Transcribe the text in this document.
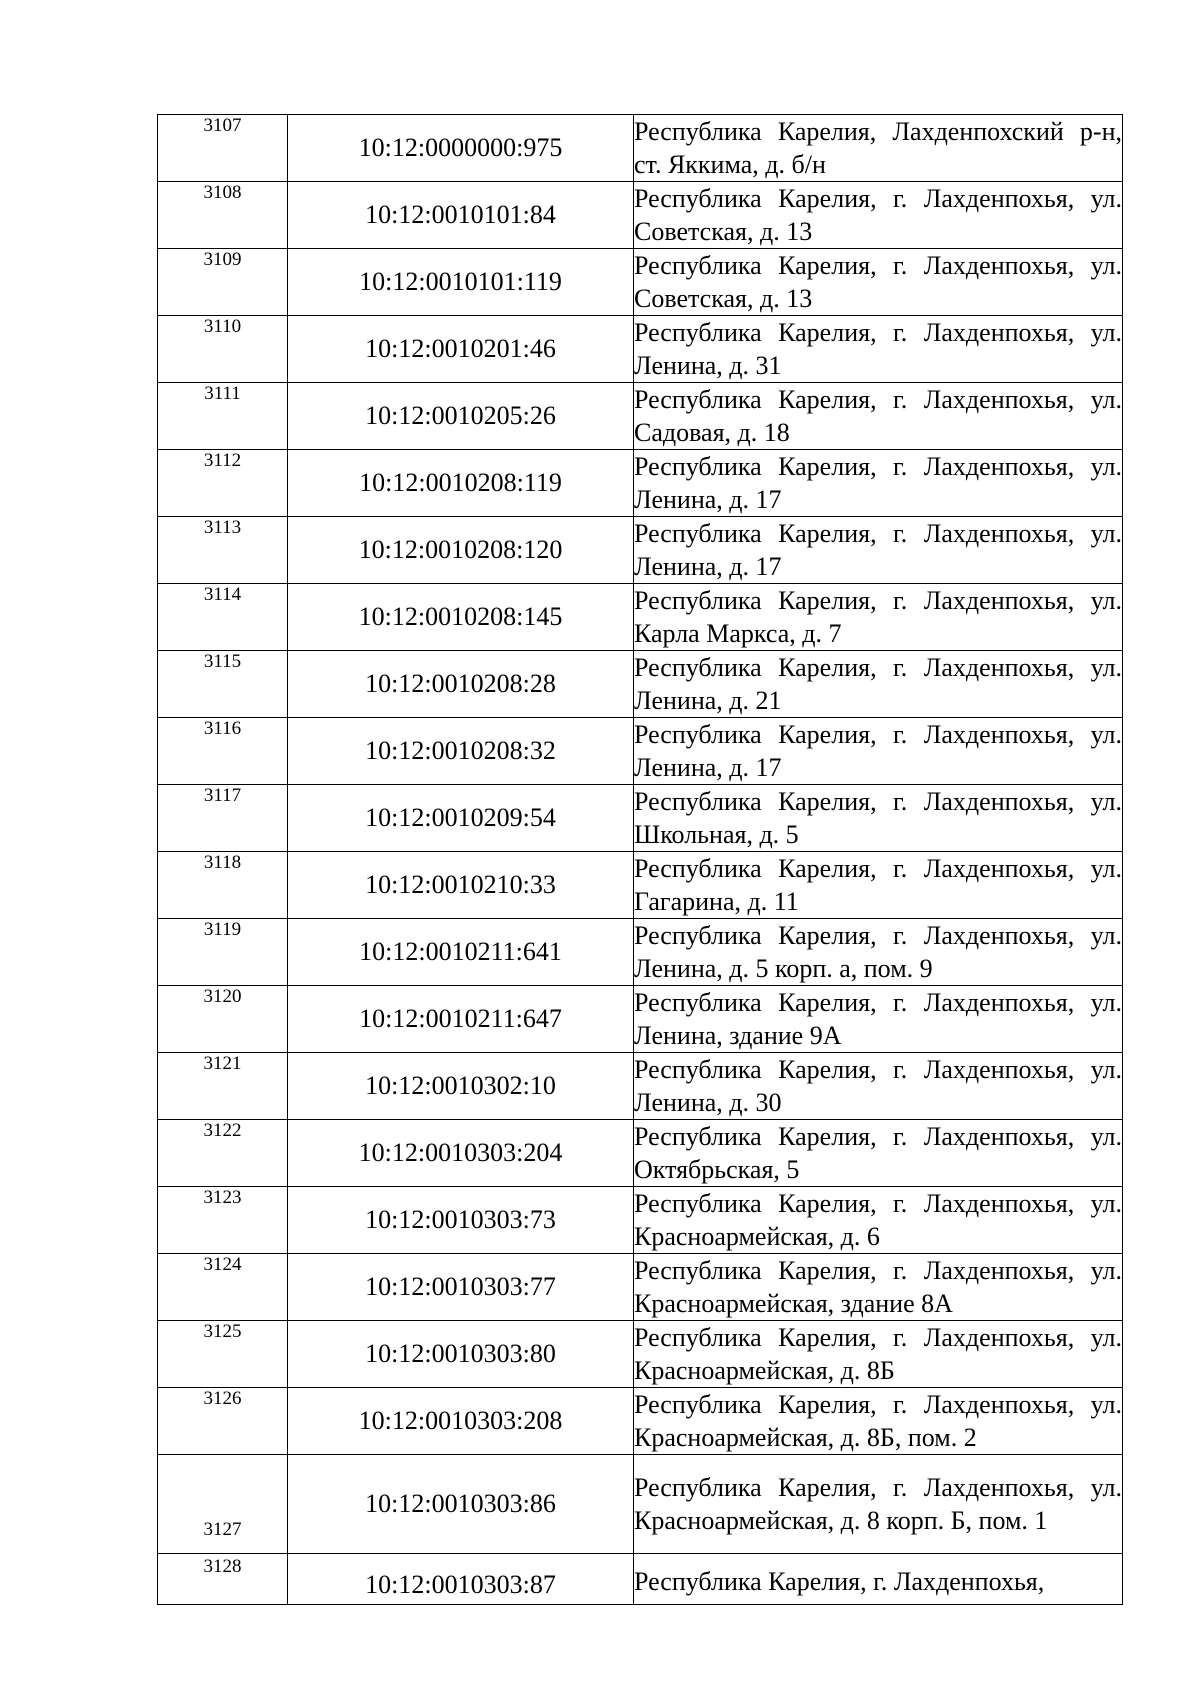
3107	10:12:0000000:975	Республика Карелия, Лахденпохский р-н, ст. Яккима, д. б/н
3108	10:12:0010101:84	Республика Карелия, г. Лахденпохья, ул. Советская, д. 13
3109	10:12:0010101:119	Республика Карелия, г. Лахденпохья, ул. Советская, д. 13
3110	10:12:0010201:46	Республика Карелия, г. Лахденпохья, ул. Ленина, д. 31
3111	10:12:0010205:26	Республика Карелия, г. Лахденпохья, ул. Садовая, д. 18
3112	10:12:0010208:119	Республика Карелия, г. Лахденпохья, ул. Ленина, д. 17
3113	10:12:0010208:120	Республика Карелия, г. Лахденпохья, ул. Ленина, д. 17
3114	10:12:0010208:145	Республика Карелия, г. Лахденпохья, ул. Карла Маркса, д. 7
3115	10:12:0010208:28	Республика Карелия, г. Лахденпохья, ул. Ленина, д. 21
3116	10:12:0010208:32	Республика Карелия, г. Лахденпохья, ул. Ленина, д. 17
3117	10:12:0010209:54	Республика Карелия, г. Лахденпохья, ул. Школьная, д. 5
3118	10:12:0010210:33	Республика Карелия, г. Лахденпохья, ул. Гагарина, д. 11
3119	10:12:0010211:641	Республика Карелия, г. Лахденпохья, ул. Ленина, д. 5 корп. а, пом. 9
3120	10:12:0010211:647	Республика Карелия, г. Лахденпохья, ул. Ленина, здание 9А
3121	10:12:0010302:10	Республика Карелия, г. Лахденпохья, ул. Ленина, д. 30
3122	10:12:0010303:204	Республика Карелия, г. Лахденпохья, ул. Октябрьская, 5
3123	10:12:0010303:73	Республика Карелия, г. Лахденпохья, ул. Красноармейская, д. 6
3124	10:12:0010303:77	Республика Карелия, г. Лахденпохья, ул. Красноармейская, здание 8А
3125	10:12:0010303:80	Республика Карелия, г. Лахденпохья, ул. Красноармейская, д. 8Б
3126	10:12:0010303:208	Республика Карелия, г. Лахденпохья, ул. Красноармейская, д. 8Б, пом. 2
3127	10:12:0010303:86	Республика Карелия, г. Лахденпохья, ул. Красноармейская, д. 8 корп. Б, пом. 1
3128	10:12:0010303:87	Республика Карелия, г. Лахденпохья,
